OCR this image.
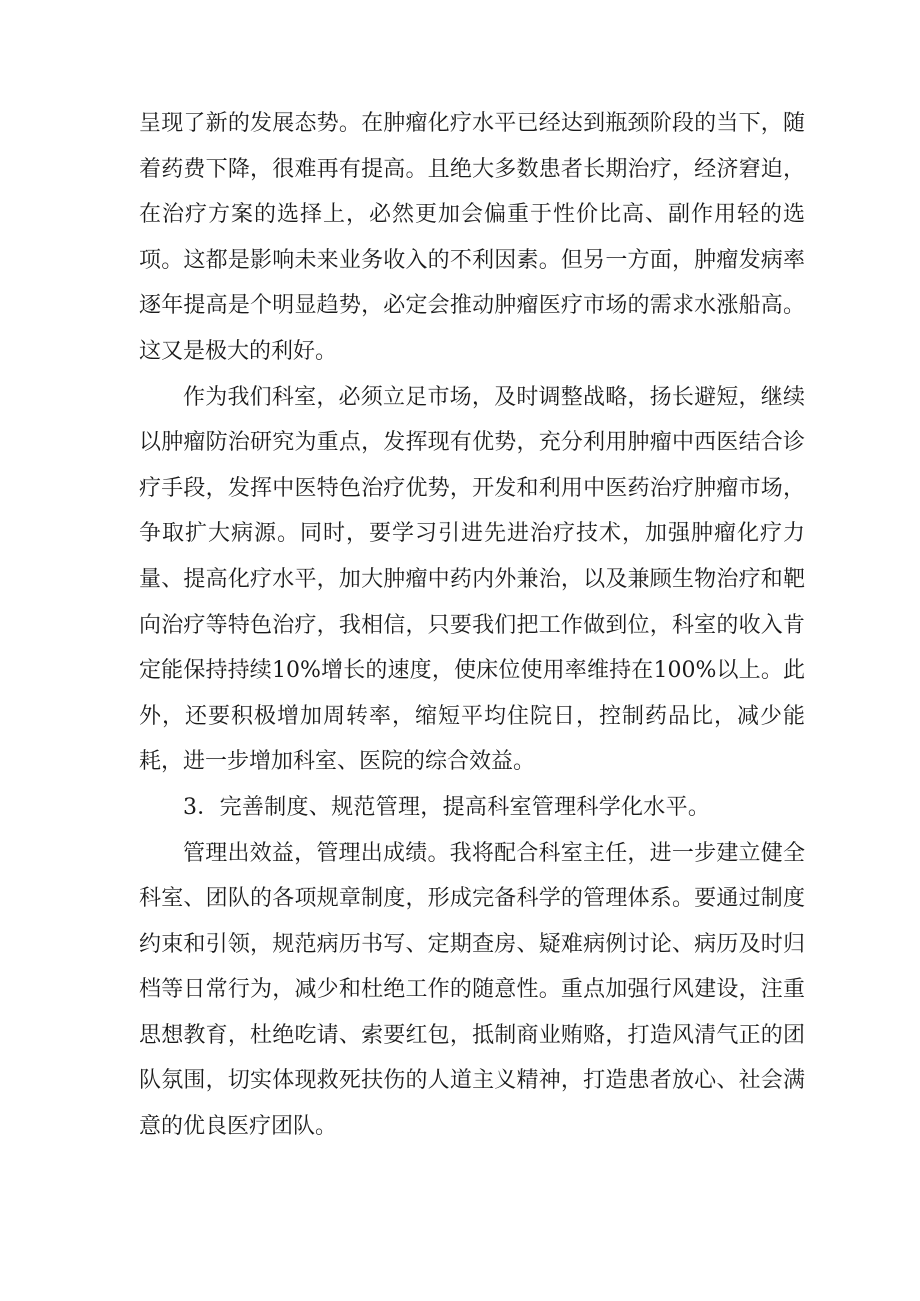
呈现了新的发展态势。在肿瘤化疗水平已经达到瓶颈阶段的当下，随着药费下降，很难再有提高。且绝大多数患者长期治疗，经济窘迫，在治疗方案的选择上，必然更加会偏重于性价比高、副作用轻的选项。这都是影响未来业务收入的不利因素。但另一方面，肿瘤发病率逐年提高是个明显趋势，必定会推动肿瘤医疗市场的需求水涨船高。这又是极大的利好。

作为我们科室，必须立足市场，及时调整战略，扬长避短，继续以肿瘤防治研究为重点，发挥现有优势，充分利用肿瘤中西医结合诊疗手段，发挥中医特色治疗优势，开发和利用中医药治疗肿瘤市场，争取扩大病源。同时，要学习引进先进治疗技术，加强肿瘤化疗力量、提高化疗水平，加大肿瘤中药内外兼治，以及兼顾生物治疗和靶向治疗等特色治疗，我相信，只要我们把工作做到位，科室的收入肯定能保持持续10%增长的速度，使床位使用率维持在100%以上。此外，还要积极增加周转率，缩短平均住院日，控制药品比，减少能耗，进一步增加科室、医院的综合效益。

3．完善制度、规范管理，提高科室管理科学化水平。

管理出效益，管理出成绩。我将配合科室主任，进一步建立健全科室、团队的各项规章制度，形成完备科学的管理体系。要通过制度约束和引领，规范病历书写、定期查房、疑难病例讨论、病历及时归档等日常行为，减少和杜绝工作的随意性。重点加强行风建设，注重思想教育，杜绝吃请、索要红包，抵制商业贿赂，打造风清气正的团队氛围，切实体现救死扶伤的人道主义精神，打造患者放心、社会满意的优良医疗团队。
